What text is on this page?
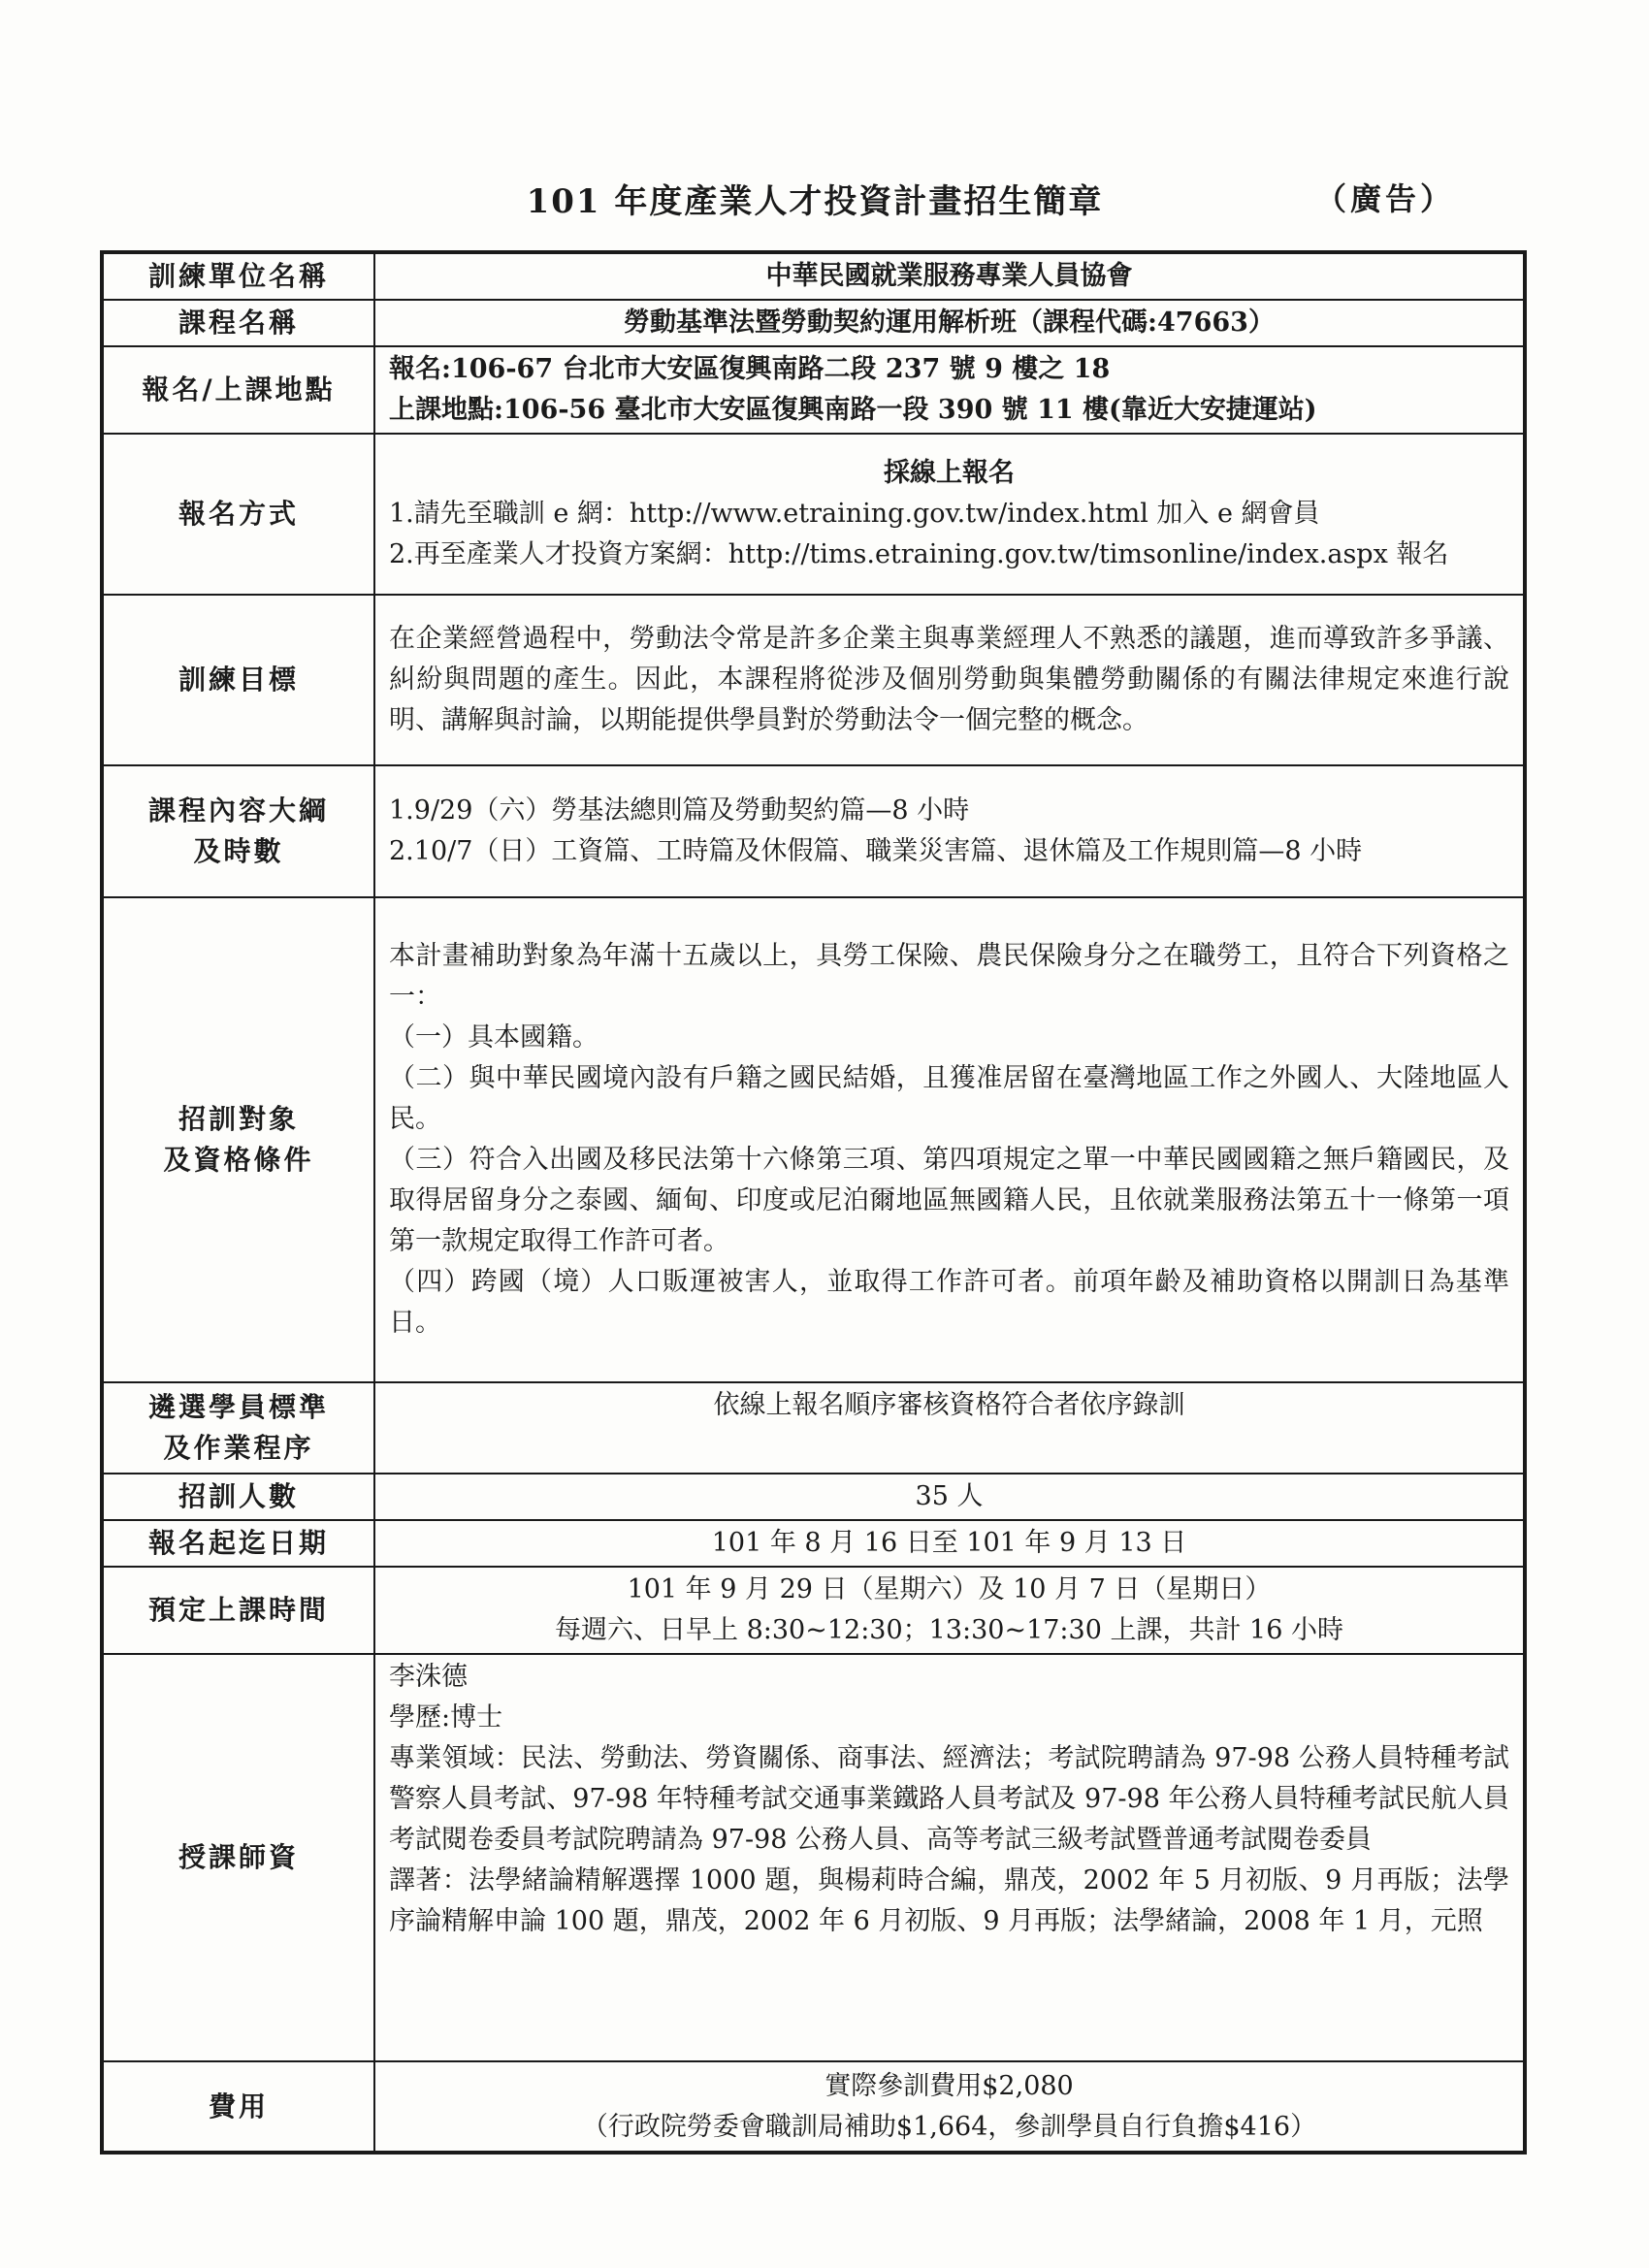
101 年度產業人才投資計畫招生簡章	（廣告）
訓練單位名稱	中華民國就業服務專業人員協會
課程名稱	勞動基準法暨勞動契約運用解析班（課程代碼:47663）
報名/上課地點	報名:106-67 台北市大安區復興南路二段 237 號 9 樓之 18
上課地點:106-56 臺北市大安區復興南路一段 390 號 11 樓(靠近大安捷運站)

報名方式	採線上報名
1.請先至職訓 e 網：http://www.etraining.gov.tw/index.html 加入 e 網會員
2.再至產業人才投資方案網：http://tims.etraining.gov.tw/timsonline/index.aspx 報名

訓練目標	在企業經營過程中，勞動法令常是許多企業主與專業經理人不熟悉的議題，進而導致許多爭議、糾紛與問題的產生。因此，本課程將從涉及個別勞動與集體勞動關係的有關法律規定來進行說明、講解與討論，以期能提供學員對於勞動法令一個完整的概念。

課程內容大綱
及時數	1.9/29（六）勞基法總則篇及勞動契約篇—8 小時
2.10/7（日）工資篇、工時篇及休假篇、職業災害篇、退休篇及工作規則篇—8 小時

招訓對象
及資格條件	本計畫補助對象為年滿十五歲以上，具勞工保險、農民保險身分之在職勞工，且符合下列資格之一：
（一）具本國籍。
（二）與中華民國境內設有戶籍之國民結婚，且獲准居留在臺灣地區工作之外國人、大陸地區人民。
（三）符合入出國及移民法第十六條第三項、第四項規定之單一中華民國國籍之無戶籍國民，及取得居留身分之泰國、緬甸、印度或尼泊爾地區無國籍人民，且依就業服務法第五十一條第一項第一款規定取得工作許可者。
（四）跨國（境）人口販運被害人，並取得工作許可者。前項年齡及補助資格以開訓日為基準日。

遴選學員標準
及作業程序	依線上報名順序審核資格符合者依序錄訓
招訓人數	35 人
報名起迄日期	101 年 8 月 16 日至 101 年 9 月 13 日
預定上課時間	101 年 9 月 29 日（星期六）及 10 月 7 日（星期日）
每週六、日早上 8:30~12:30；13:30~17:30 上課，共計 16 小時

授課師資	李洙德
學歷:博士
專業領域：民法、勞動法、勞資關係、商事法、經濟法；考試院聘請為 97-98 公務人員特種考試警察人員考試、97-98 年特種考試交通事業鐵路人員考試及 97-98 年公務人員特種考試民航人員考試閱卷委員考試院聘請為 97-98 公務人員、高等考試三級考試暨普通考試閱卷委員
譯著：法學緒論精解選擇 1000 題，與楊莉時合編，鼎茂，2002 年 5 月初版、9 月再版；法學序論精解申論 100 題，鼎茂，2002 年 6 月初版、9 月再版；法學緒論，2008 年 1 月，元照

費用	實際參訓費用$2,080
（行政院勞委會職訓局補助$1,664，參訓學員自行負擔$416）
